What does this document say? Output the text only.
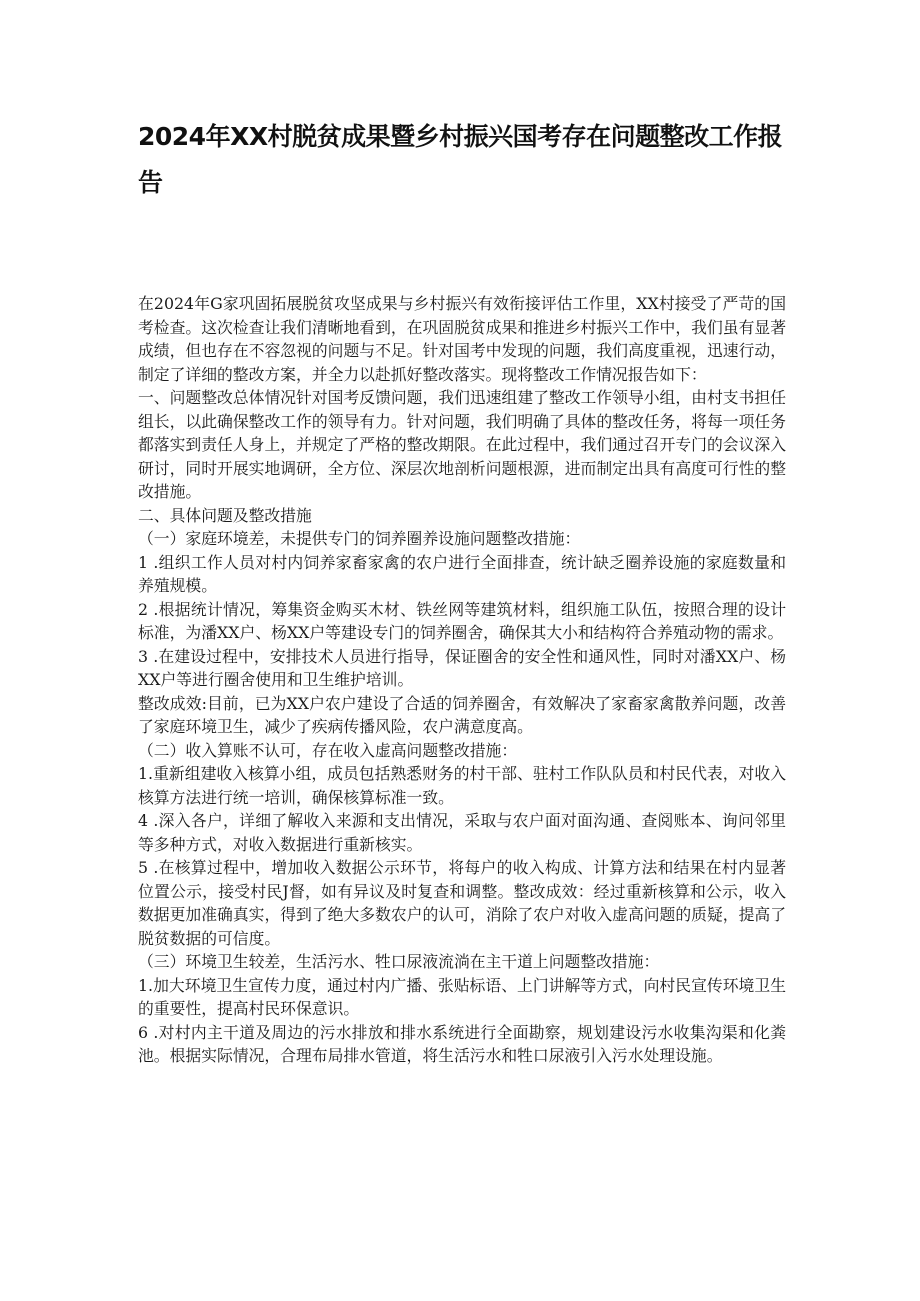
2024年XX村脱贫成果暨乡村振兴国考存在问题整改工作报告

在2024年G家巩固拓展脱贫攻坚成果与乡村振兴有效衔接评估工作里，XX村接受了严苛的国考检查。这次检查让我们清晰地看到，在巩固脱贫成果和推进乡村振兴工作中，我们虽有显著成绩，但也存在不容忽视的问题与不足。针对国考中发现的问题，我们高度重视，迅速行动，制定了详细的整改方案，并全力以赴抓好整改落实。现将整改工作情况报告如下：

一、问题整改总体情况针对国考反馈问题，我们迅速组建了整改工作领导小组，由村支书担任组长，以此确保整改工作的领导有力。针对问题，我们明确了具体的整改任务，将每一项任务都落实到责任人身上，并规定了严格的整改期限。在此过程中，我们通过召开专门的会议深入研讨，同时开展实地调研，全方位、深层次地剖析问题根源，进而制定出具有高度可行性的整改措施。

二、具体问题及整改措施

（一）家庭环境差，未提供专门的饲养圈养设施问题整改措施：

1 .组织工作人员对村内饲养家畜家禽的农户进行全面排查，统计缺乏圈养设施的家庭数量和养殖规模。

2 .根据统计情况，筹集资金购买木材、铁丝网等建筑材料，组织施工队伍，按照合理的设计标准，为潘XX户、杨XX户等建设专门的饲养圈舍，确保其大小和结构符合养殖动物的需求。

3 .在建设过程中，安排技术人员进行指导，保证圈舍的安全性和通风性，同时对潘XX户、杨XX户等进行圈舍使用和卫生维护培训。

整改成效:目前，已为XX户农户建设了合适的饲养圈舍，有效解决了家畜家禽散养问题，改善了家庭环境卫生，减少了疾病传播风险，农户满意度高。

（二）收入算账不认可，存在收入虚高问题整改措施：

1.重新组建收入核算小组，成员包括熟悉财务的村干部、驻村工作队队员和村民代表，对收入核算方法进行统一培训，确保核算标准一致。

4 .深入各户，详细了解收入来源和支出情况，采取与农户面对面沟通、查阅账本、询问邻里等多种方式，对收入数据进行重新核实。

5 .在核算过程中，增加收入数据公示环节，将每户的收入构成、计算方法和结果在村内显著位置公示，接受村民J督，如有异议及时复查和调整。整改成效：经过重新核算和公示，收入数据更加准确真实，得到了绝大多数农户的认可，消除了农户对收入虚高问题的质疑，提高了脱贫数据的可信度。

（三）环境卫生较差，生活污水、牲口尿液流淌在主干道上问题整改措施：

1.加大环境卫生宣传力度，通过村内广播、张贴标语、上门讲解等方式，向村民宣传环境卫生的重要性，提高村民环保意识。

6 .对村内主干道及周边的污水排放和排水系统进行全面勘察，规划建设污水收集沟渠和化粪池。根据实际情况，合理布局排水管道，将生活污水和牲口尿液引入污水处理设施。
